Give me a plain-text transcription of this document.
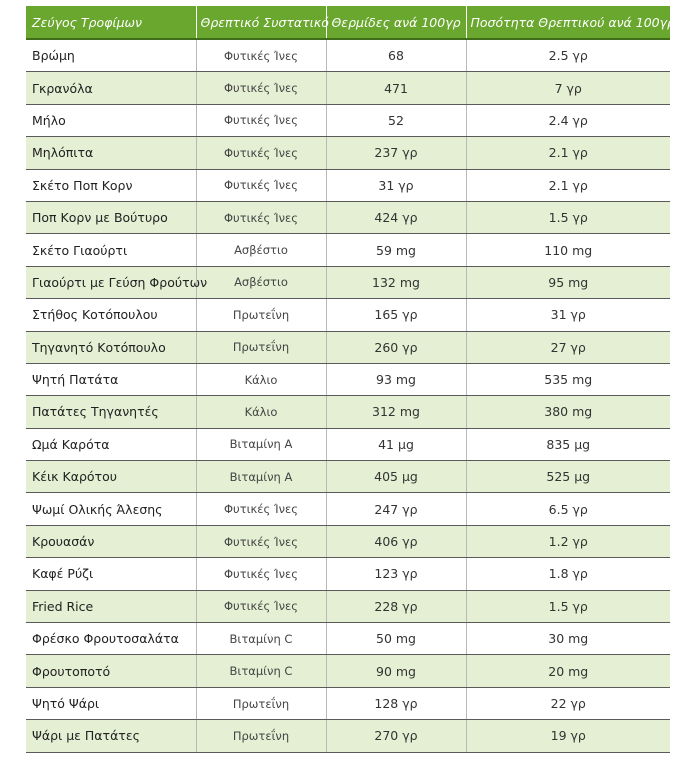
Ζεύγος Τροφίμων	Θρεπτικό Συστατικό	Θερμίδες ανά 100γρ	Ποσότητα Θρεπτικού ανά 100γρ
Βρώμη	Φυτικές Ίνες	68	2.5 γρ
Γκρανόλα	Φυτικές Ίνες	471	7 γρ
Μήλο	Φυτικές Ίνες	52	2.4 γρ
Μηλόπιτα	Φυτικές Ίνες	237 γρ	2.1 γρ
Σκέτο Ποπ Κορν	Φυτικές Ίνες	31 γρ	2.1 γρ
Ποπ Κορν με Βούτυρο	Φυτικές Ίνες	424 γρ	1.5 γρ
Σκέτο Γιαούρτι	Ασβέστιο	59 mg	110 mg
Γιαούρτι με Γεύση Φρούτων	Ασβέστιο	132 mg	95 mg
Στήθος Κοτόπουλου	Πρωτεΐνη	165 γρ	31 γρ
Τηγανητό Κοτόπουλο	Πρωτεΐνη	260 γρ	27 γρ
Ψητή Πατάτα	Κάλιο	93 mg	535 mg
Πατάτες Τηγανητές	Κάλιο	312 mg	380 mg
Ωμά Καρότα	Βιταμίνη Α	41 μg	835 μg
Κέικ Καρότου	Βιταμίνη Α	405 μg	525 μg
Ψωμί Ολικής Άλεσης	Φυτικές Ίνες	247 γρ	6.5 γρ
Κρουασάν	Φυτικές Ίνες	406 γρ	1.2 γρ
Καφέ Ρύζι	Φυτικές Ίνες	123 γρ	1.8 γρ
Fried Rice	Φυτικές Ίνες	228 γρ	1.5 γρ
Φρέσκο Φρουτοσαλάτα	Βιταμίνη C	50 mg	30 mg
Φρουτοποτό	Βιταμίνη C	90 mg	20 mg
Ψητό Ψάρι	Πρωτεΐνη	128 γρ	22 γρ
Ψάρι με Πατάτες	Πρωτεΐνη	270 γρ	19 γρ
